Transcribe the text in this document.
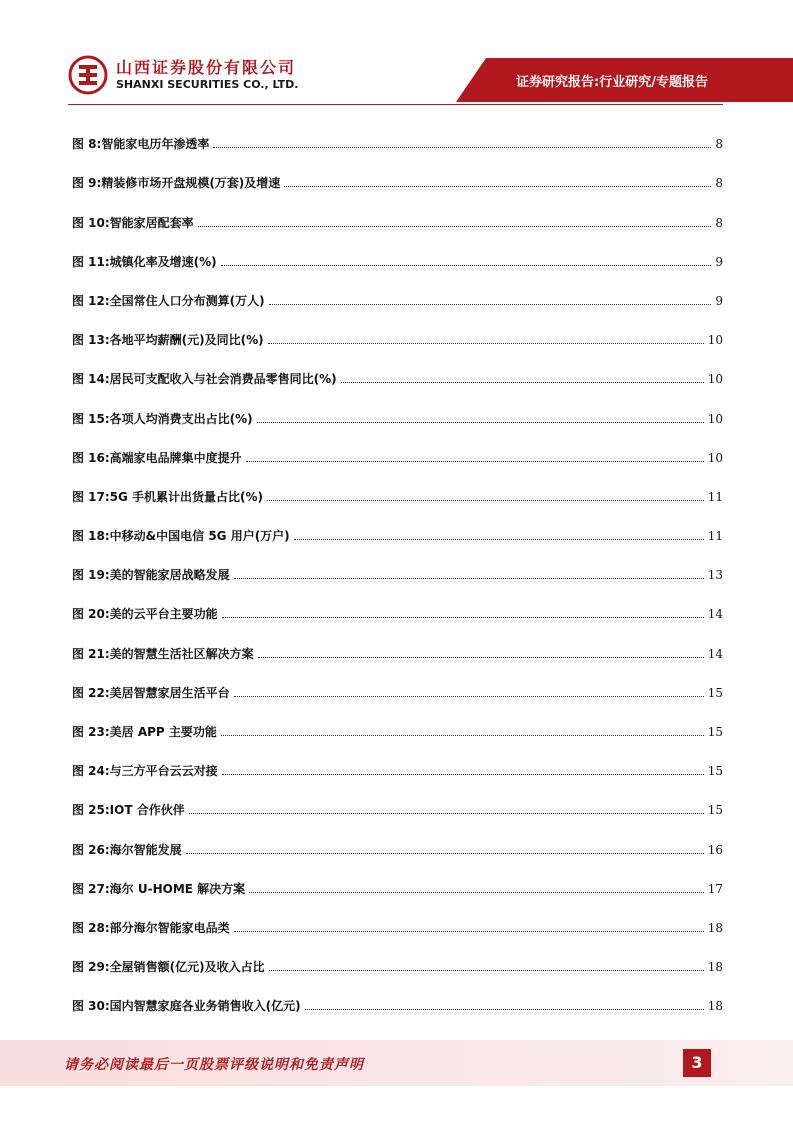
山西证券股份有限公司
SHANXI SECURITIES CO., LTD.	证券研究报告:行业研究/专题报告
图 8:智能家电历年渗透率	8
图 9:精装修市场开盘规模(万套)及增速	8
图 10:智能家居配套率	8
图 11:城镇化率及增速(%)	9
图 12:全国常住人口分布测算(万人)	9
图 13:各地平均薪酬(元)及同比(%)	10
图 14:居民可支配收入与社会消费品零售同比(%)	10
图 15:各项人均消费支出占比(%)	10
图 16:高端家电品牌集中度提升	10
图 17:5G 手机累计出货量占比(%)	11
图 18:中移动&中国电信 5G 用户(万户)	11
图 19:美的智能家居战略发展	13
图 20:美的云平台主要功能	14
图 21:美的智慧生活社区解决方案	14
图 22:美居智慧家居生活平台	15
图 23:美居 APP 主要功能	15
图 24:与三方平台云云对接	15
图 25:IOT 合作伙伴	15
图 26:海尔智能发展	16
图 27:海尔 U-HOME 解决方案	17
图 28:部分海尔智能家电品类	18
图 29:全屋销售额(亿元)及收入占比	18
图 30:国内智慧家庭各业务销售收入(亿元)	18
请务必阅读最后一页股票评级说明和免责声明	3
